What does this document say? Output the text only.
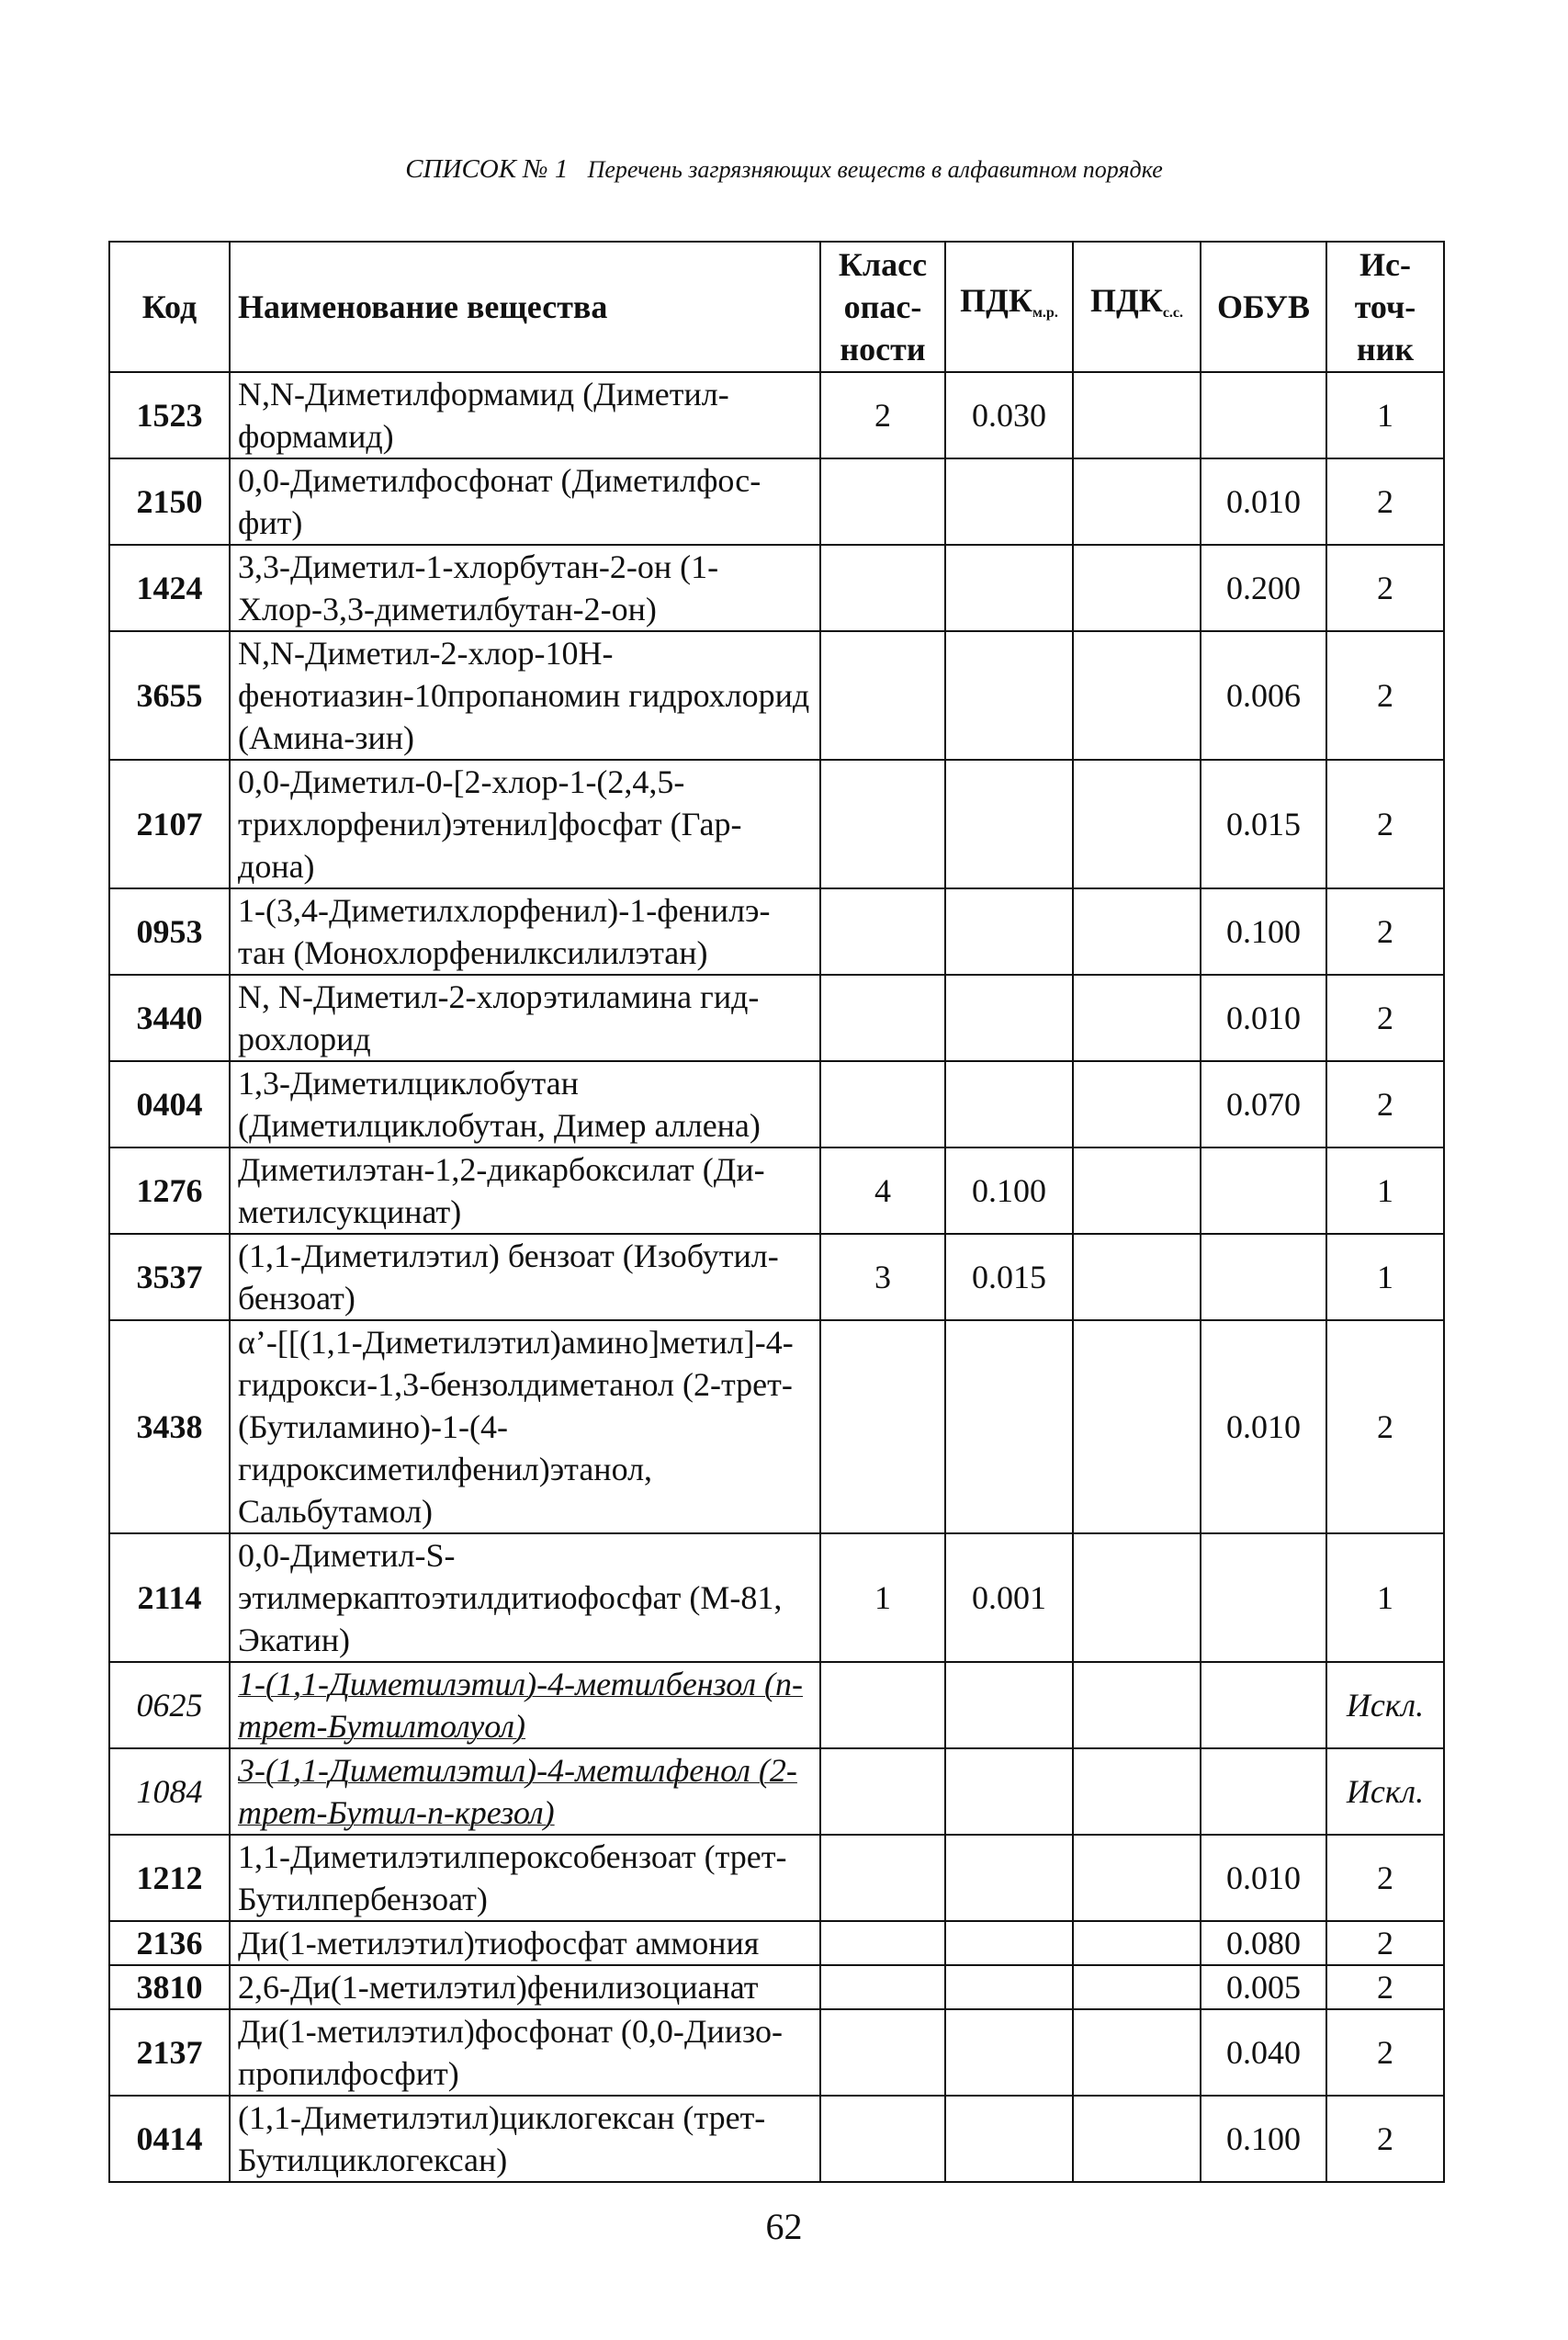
СПИСОК № 1 Перечень загрязняющих веществ в алфавитном порядке
Код	Наименование вещества	Класс опас- ности	$ПДК_{м.р.}$	$ПДК_{с.с.}$	ОБУВ	Ис- точ- ник
1523	N,N-Диметилформамид (Диметил-формамид)	2	0.030			1
2150	0,0-Диметилфосфонат (Диметилфос-фит)				0.010	2
1424	3,3-Диметил-1-хлорбутан-2-он (1-Хлор-3,3-диметилбутан-2-он)				0.200	2
3655	N,N-Диметил-2-хлор-10H-фенотиазин-10пропаномин гидрохлорид (Амина-зин)				0.006	2
2107	0,0-Диметил-0-[2-хлор-1-(2,4,5-трихлорфенил)этенил]фосфат (Гар-дона)				0.015	2
0953	1-(3,4-Диметилхлорфенил)-1-фенилэ-тан (Монохлорфенилксилилэтан)				0.100	2
3440	N, N-Диметил-2-хлорэтиламина гид-рохлорид				0.010	2
0404	1,3-Диметилциклобутан (Диметилциклобутан, Димер аллена)				0.070	2
1276	Диметилэтан-1,2-дикарбоксилат (Ди-метилсукцинат)	4	0.100			1
3537	(1,1-Диметилэтил) бензоат (Изобутил-бензоат)	3	0.015			1
3438	α’-[[(1,1-Диметилэтил)амино]метил]-4-гидрокси-1,3-бензолдиметанол (2-трет-(Бутиламино)-1-(4-гидроксиметилфенил)этанол, Сальбутамол)				0.010	2
2114	0,0-Диметил-S-этилмеркаптоэтилдитиофосфат (М-81, Экатин)	1	0.001			1
0625	1-(1,1-Диметилэтил)-4-метилбензол (п-трет-Бутилтолуол)					Искл.
1084	3-(1,1-Диметилэтил)-4-метилфенол (2-трет-Бутил-п-крезол)					Искл.
1212	1,1-Диметилэтилпероксобензоат (трет-Бутилпербензоат)				0.010	2
2136	Ди(1-метилэтил)тиофосфат аммония				0.080	2
3810	2,6-Ди(1-метилэтил)фенилизоцианат				0.005	2
2137	Ди(1-метилэтил)фосфонат (0,0-Диизо-пропилфосфит)				0.040	2
0414	(1,1-Диметилэтил)циклогексан (трет-Бутилциклогексан)				0.100	2
62
